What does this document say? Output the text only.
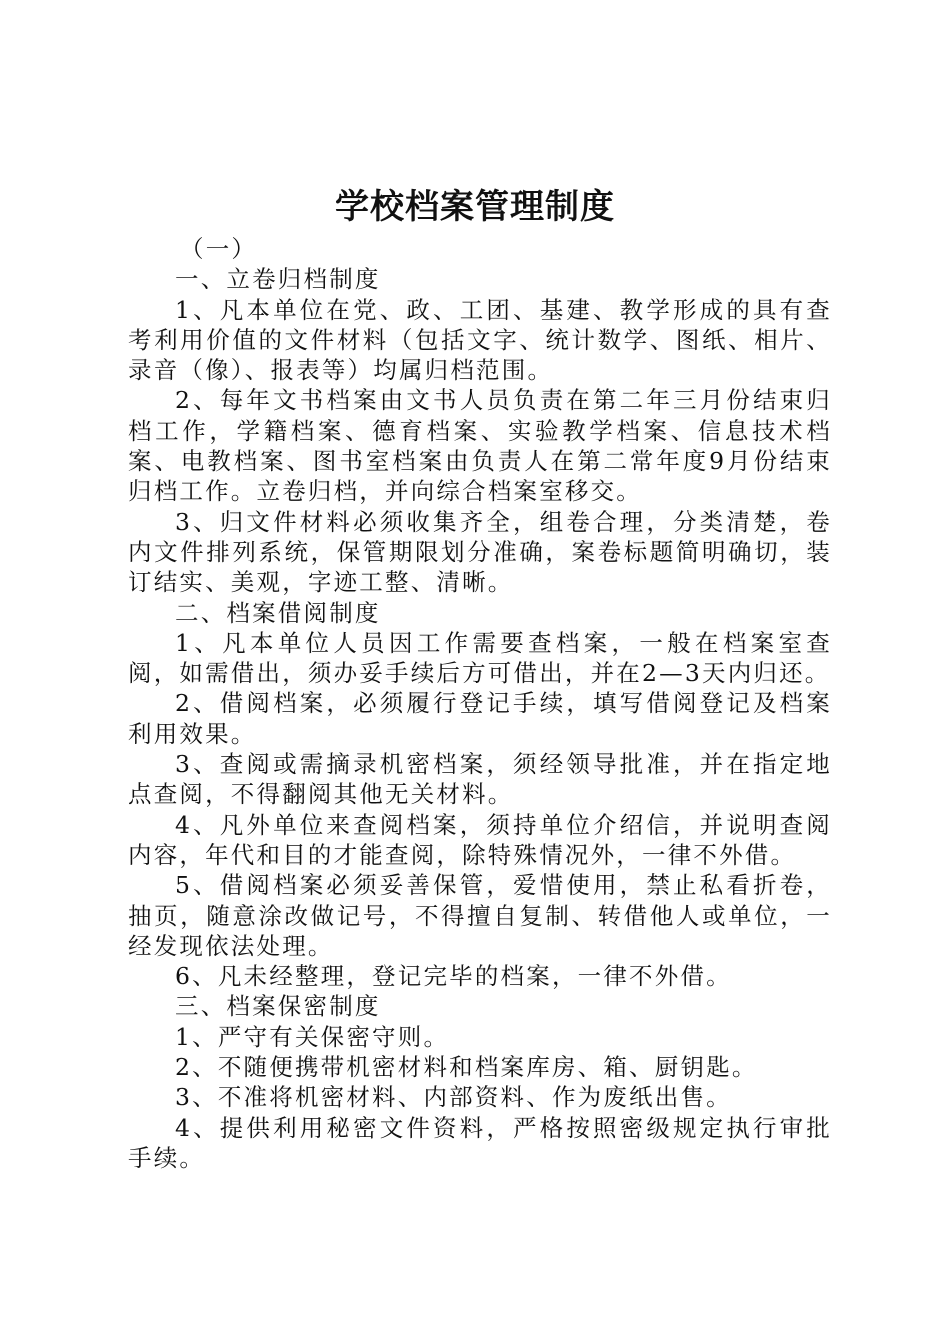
学校档案管理制度

（一）

一、立卷归档制度

1、凡本单位在党、政、工团、基建、教学形成的具有查考利用价值的文件材料（包括文字、统计数学、图纸、相片、录音（像）、报表等）均属归档范围。

2、每年文书档案由文书人员负责在第二年三月份结束归档工作，学籍档案、德育档案、实验教学档案、信息技术档案、电教档案、图书室档案由负责人在第二常年度9月份结束归档工作。立卷归档，并向综合档案室移交。

3、归文件材料必须收集齐全，组卷合理，分类清楚，卷内文件排列系统，保管期限划分准确，案卷标题简明确切，装订结实、美观，字迹工整、清晰。

二、档案借阅制度

1、凡本单位人员因工作需要查档案，一般在档案室查阅，如需借出，须办妥手续后方可借出，并在2—3天内归还。

2、借阅档案，必须履行登记手续，填写借阅登记及档案利用效果。

3、查阅或需摘录机密档案，须经领导批准，并在指定地点查阅，不得翻阅其他无关材料。

4、凡外单位来查阅档案，须持单位介绍信，并说明查阅内容，年代和目的才能查阅，除特殊情况外，一律不外借。

5、借阅档案必须妥善保管，爱惜使用，禁止私看折卷，抽页，随意涂改做记号，不得擅自复制、转借他人或单位，一经发现依法处理。

6、凡未经整理，登记完毕的档案，一律不外借。

三、档案保密制度

1、严守有关保密守则。

2、不随便携带机密材料和档案库房、箱、厨钥匙。

3、不准将机密材料、内部资料、作为废纸出售。

4、提供利用秘密文件资料，严格按照密级规定执行审批手续。
